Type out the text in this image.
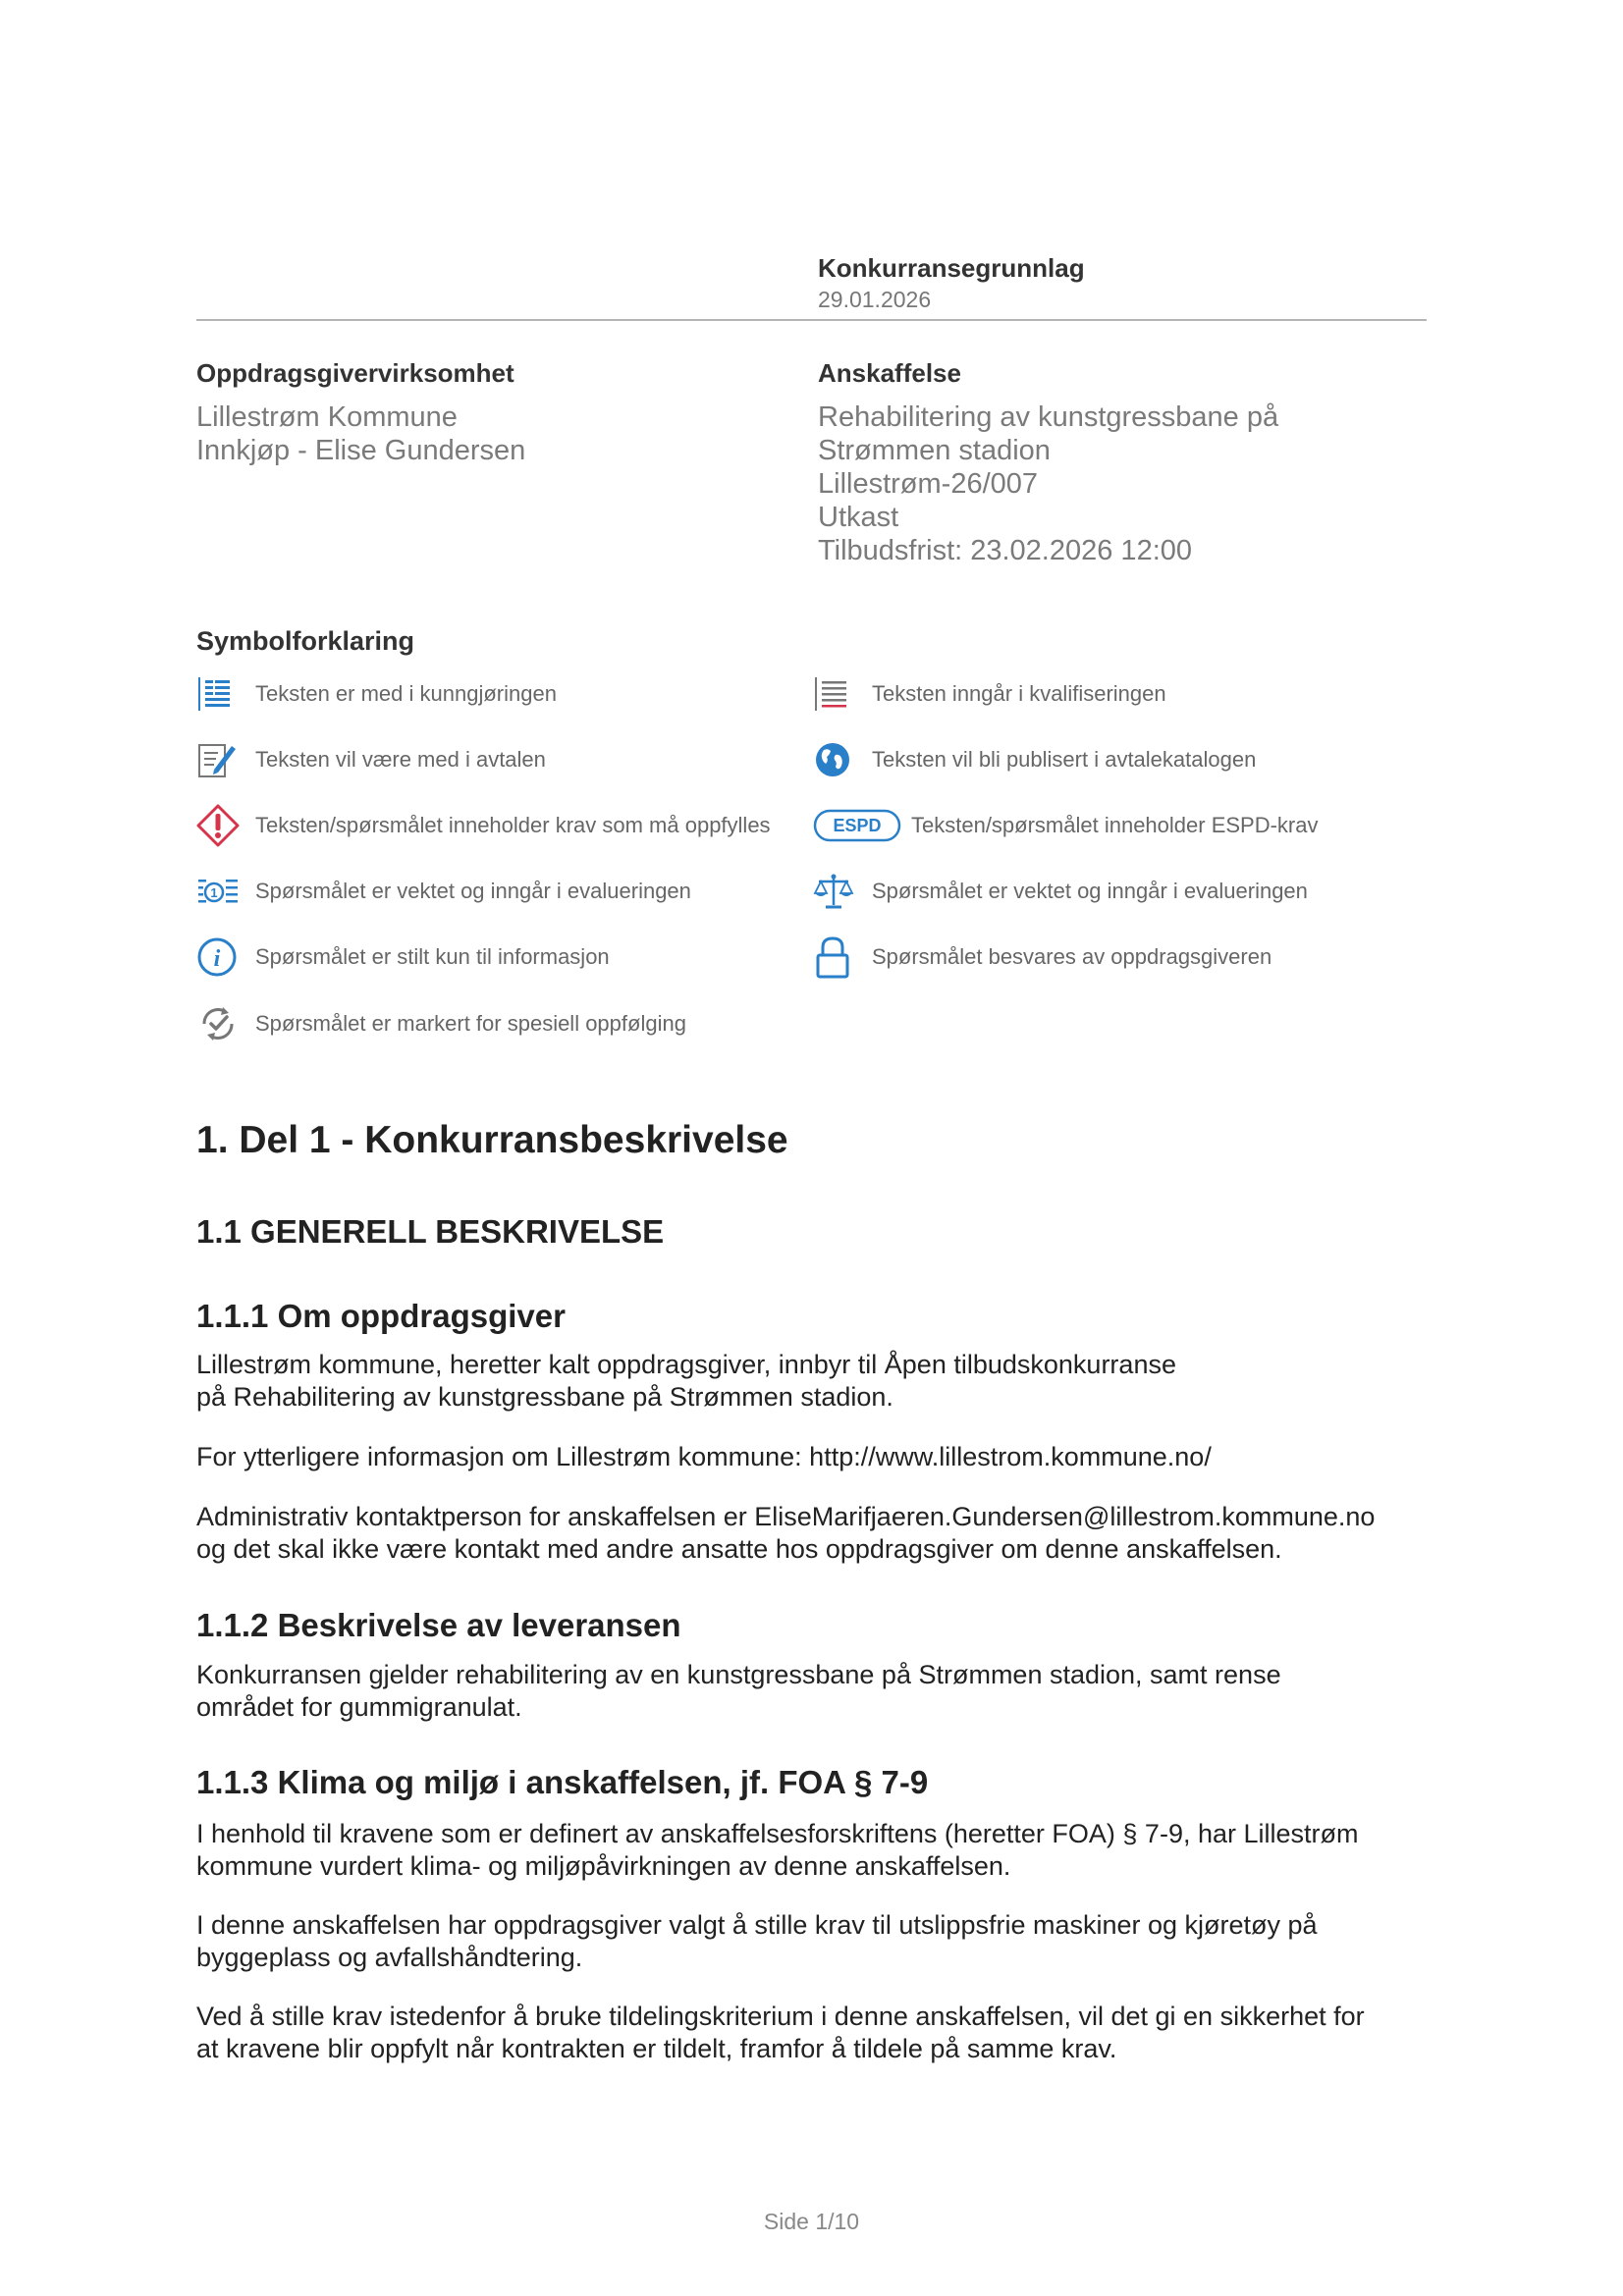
Konkurransegrunnlag
29.01.2026
Oppdragsgivervirksomhet
Lillestrøm Kommune
Innkjøp - Elise Gundersen
Anskaffelse
Rehabilitering av kunstgressbane på
Strømmen stadion
Lillestrøm-26/007
Utkast
Tilbudsfrist: 23.02.2026 12:00
Symbolforklaring
Teksten er med i kunngjøringen	Teksten inngår i kvalifiseringen
Teksten vil være med i avtalen	Teksten vil bli publisert i avtalekatalogen
Teksten/spørsmålet inneholder krav som må oppfylles	ESPD Teksten/spørsmålet inneholder ESPD-krav
1 Spørsmålet er vektet og inngår i evalueringen	Spørsmålet er vektet og inngår i evalueringen
i Spørsmålet er stilt kun til informasjon	Spørsmålet besvares av oppdragsgiveren
Spørsmålet er markert for spesiell oppfølging
1. Del 1 - Konkurransbeskrivelse
1.1 GENERELL BESKRIVELSE
1.1.1 Om oppdragsgiver
Lillestrøm kommune, heretter kalt oppdragsgiver, innbyr til Åpen tilbudskonkurranse
på Rehabilitering av kunstgressbane på Strømmen stadion.
For ytterligere informasjon om Lillestrøm kommune: http://www.lillestrom.kommune.no/
Administrativ kontaktperson for anskaffelsen er EliseMarifjaeren.Gundersen@lillestrom.kommune.no
og det skal ikke være kontakt med andre ansatte hos oppdragsgiver om denne anskaffelsen.
1.1.2 Beskrivelse av leveransen
Konkurransen gjelder rehabilitering av en kunstgressbane på Strømmen stadion, samt rense
området for gummigranulat.
1.1.3 Klima og miljø i anskaffelsen, jf. FOA § 7-9
I henhold til kravene som er definert av anskaffelsesforskriftens (heretter FOA) § 7-9, har Lillestrøm
kommune vurdert klima- og miljøpåvirkningen av denne anskaffelsen.
I denne anskaffelsen har oppdragsgiver valgt å stille krav til utslippsfrie maskiner og kjøretøy på
byggeplass og avfallshåndtering.
Ved å stille krav istedenfor å bruke tildelingskriterium i denne anskaffelsen, vil det gi en sikkerhet for
at kravene blir oppfylt når kontrakten er tildelt, framfor å tildele på samme krav.
Side 1/10
